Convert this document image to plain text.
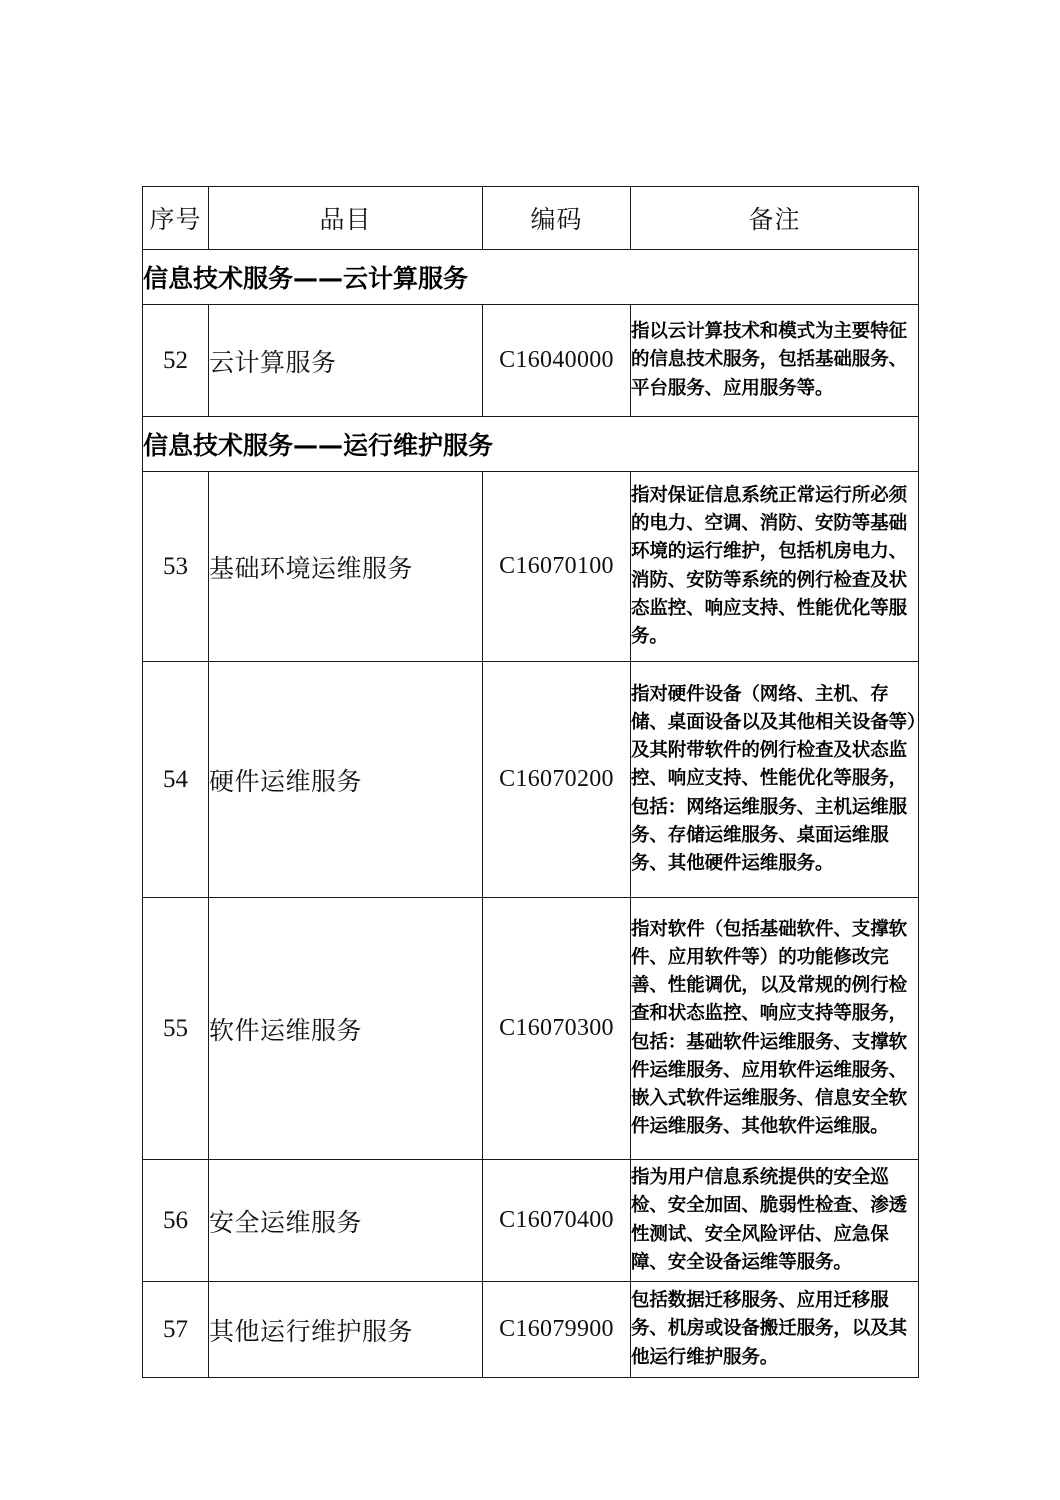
序号	品目	编码	备注
信息技术服务——云计算服务			
52	云计算服务	C16040000	指以云计算技术和模式为主要特征的信息技术服务，包括基础服务、平台服务、应用服务等。
信息技术服务——运行维护服务			
53	基础环境运维服务	C16070100	指对保证信息系统正常运行所必须的电力、空调、消防、安防等基础环境的运行维护，包括机房电力、消防、安防等系统的例行检查及状态监控、响应支持、性能优化等服务。
54	硬件运维服务	C16070200	指对硬件设备（网络、主机、存储、桌面设备以及其他相关设备等）及其附带软件的例行检查及状态监控、响应支持、性能优化等服务，包括：网络运维服务、主机运维服务、存储运维服务、桌面运维服务、其他硬件运维服务。
55	软件运维服务	C16070300	指对软件（包括基础软件、支撑软件、应用软件等）的功能修改完善、性能调优，以及常规的例行检查和状态监控、响应支持等服务，包括：基础软件运维服务、支撑软件运维服务、应用软件运维服务、嵌入式软件运维服务、信息安全软件运维服务、其他软件运维服。
56	安全运维服务	C16070400	指为用户信息系统提供的安全巡检、安全加固、脆弱性检查、渗透性测试、安全风险评估、应急保障、安全设备运维等服务。
57	其他运行维护服务	C16079900	包括数据迁移服务、应用迁移服务、机房或设备搬迁服务，以及其他运行维护服务。
